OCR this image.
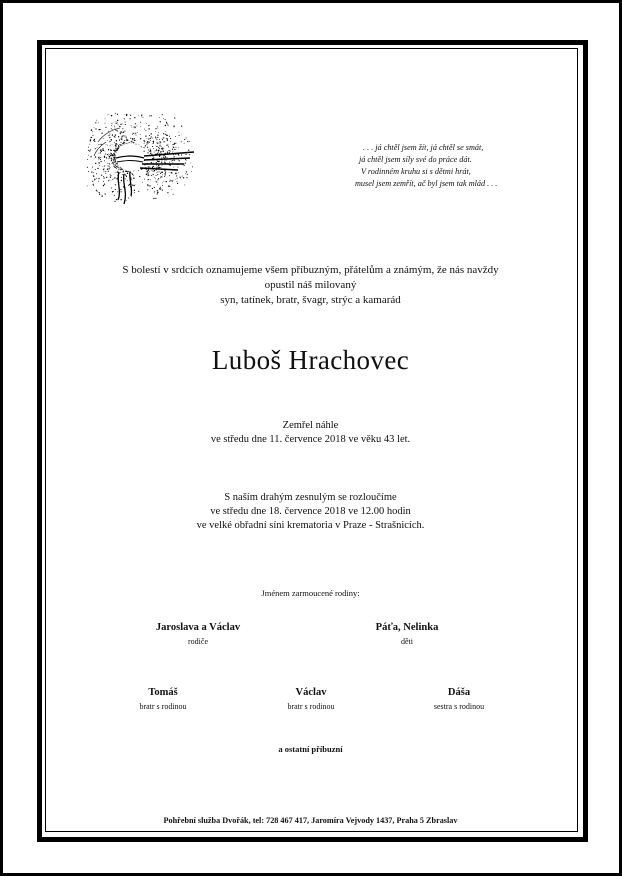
. . . já chtěl jsem žít, já chtěl se smát,
já chtěl jsem síly své do práce dát.
V rodinném kruhu si s dětmi hrát,
musel jsem zemřít, ač byl jsem tak mlád . . .
S bolestí v srdcích oznamujeme všem příbuzným, přátelům a známým, že nás navždy
opustil náš milovaný
syn, tatínek, bratr, švagr, strýc a kamarád
Luboš Hrachovec
Zemřel náhle
ve středu dne 11. července 2018 ve věku 43 let.
S naším drahým zesnulým se rozloučíme
ve středu dne 18. července 2018 ve 12.00 hodin
ve velké obřadní síni krematoria v Praze - Strašnicích.
Jménem zarmoucené rodiny:
Jaroslava a Václav
rodiče
Páťa, Nelinka
děti
Tomáš
bratr s rodinou
Václav
bratr s rodinou
Dáša
sestra s rodinou
a ostatní příbuzní
Pohřební služba Dvořák, tel: 728 467 417, Jaromíra Vejvody 1437, Praha 5 Zbraslav
